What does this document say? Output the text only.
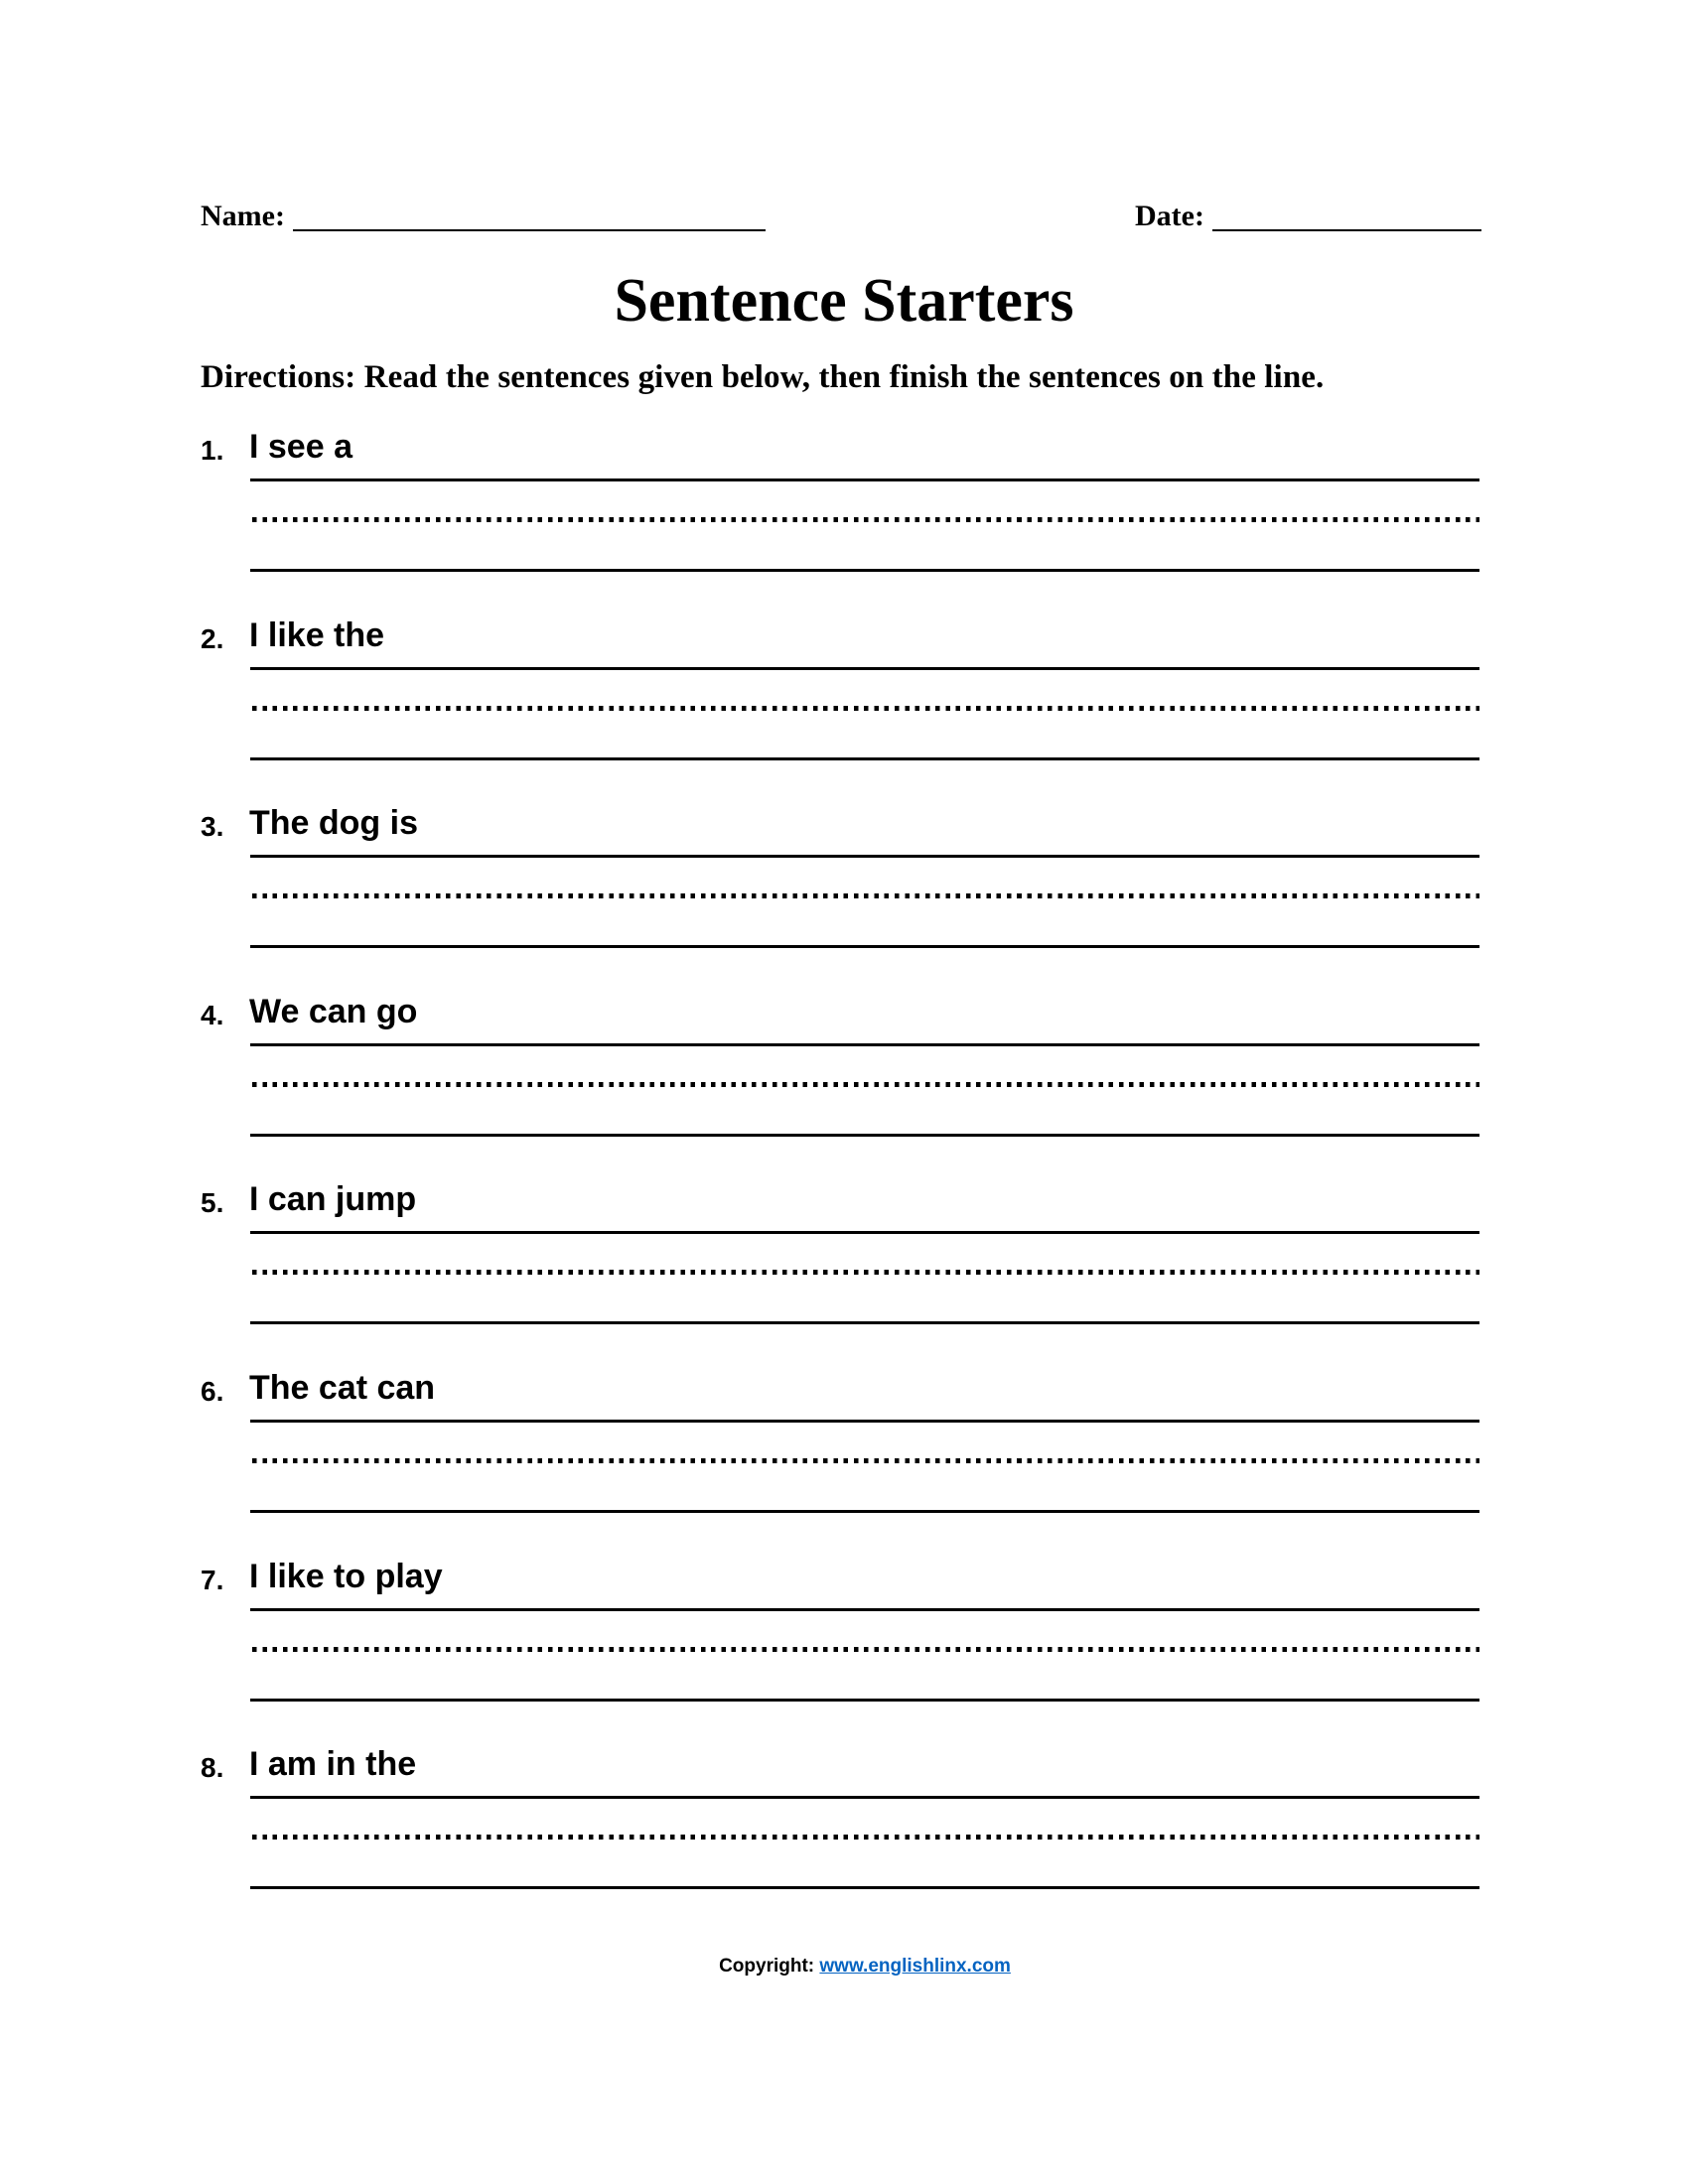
Name:	Date:
Sentence Starters
Directions: Read the sentences given below, then finish the sentences on the line.
1. I see a
2. I like the
3. The dog is
4. We can go
5. I can jump
6. The cat can
7. I like to play
8. I am in the
Copyright: www.englishlinx.com
